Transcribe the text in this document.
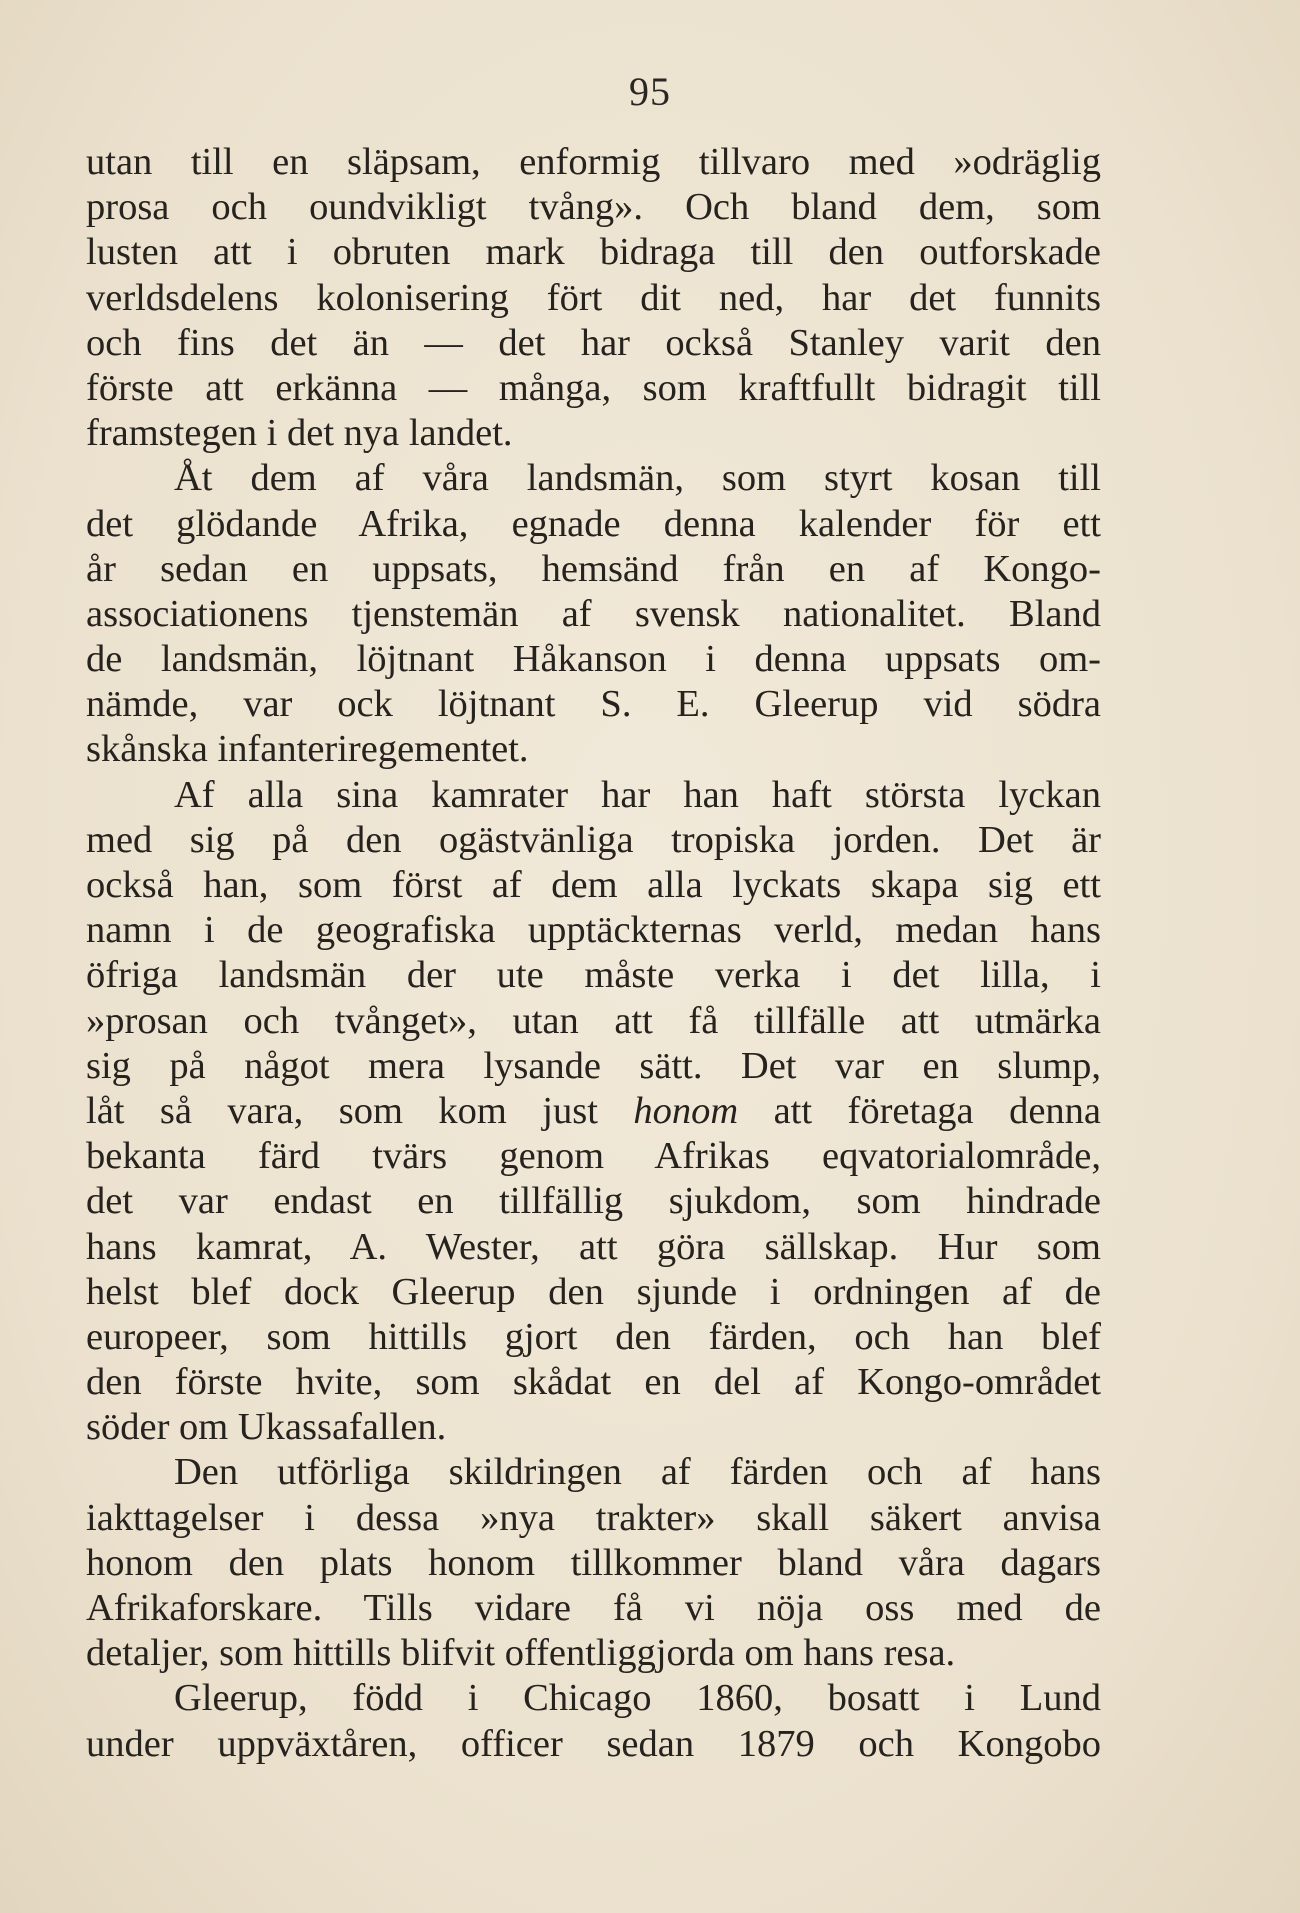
95
utan till en släpsam, enformig tillvaro med »odräglig
prosa och oundvikligt tvång». Och bland dem, som
lusten att i obruten mark bidraga till den outforskade
verldsdelens kolonisering fört dit ned, har det funnits
och fins det än — det har också Stanley varit den
förste att erkänna — många, som kraftfullt bidragit till
framstegen i det nya landet.
Åt dem af våra landsmän, som styrt kosan till
det glödande Afrika, egnade denna kalender för ett
år sedan en uppsats, hemsänd från en af Kongo-
associationens tjenstemän af svensk nationalitet. Bland
de landsmän, löjtnant Håkanson i denna uppsats om-
nämde, var ock löjtnant S. E. Gleerup vid södra
skånska infanteriregementet.
Af alla sina kamrater har han haft största lyckan
med sig på den ogästvänliga tropiska jorden. Det är
också han, som först af dem alla lyckats skapa sig ett
namn i de geografiska upptäckternas verld, medan hans
öfriga landsmän der ute måste verka i det lilla, i
»prosan och tvånget», utan att få tillfälle att utmärka
sig på något mera lysande sätt. Det var en slump,
låt så vara, som kom just honom att företaga denna
bekanta färd tvärs genom Afrikas eqvatorialområde,
det var endast en tillfällig sjukdom, som hindrade
hans kamrat, A. Wester, att göra sällskap. Hur som
helst blef dock Gleerup den sjunde i ordningen af de
europeer, som hittills gjort den färden, och han blef
den förste hvite, som skådat en del af Kongo-området
söder om Ukassafallen.
Den utförliga skildringen af färden och af hans
iakttagelser i dessa »nya trakter» skall säkert anvisa
honom den plats honom tillkommer bland våra dagars
Afrikaforskare. Tills vidare få vi nöja oss med de
detaljer, som hittills blifvit offentliggjorda om hans resa.
Gleerup, född i Chicago 1860, bosatt i Lund
under uppväxtåren, officer sedan 1879 och Kongobo
